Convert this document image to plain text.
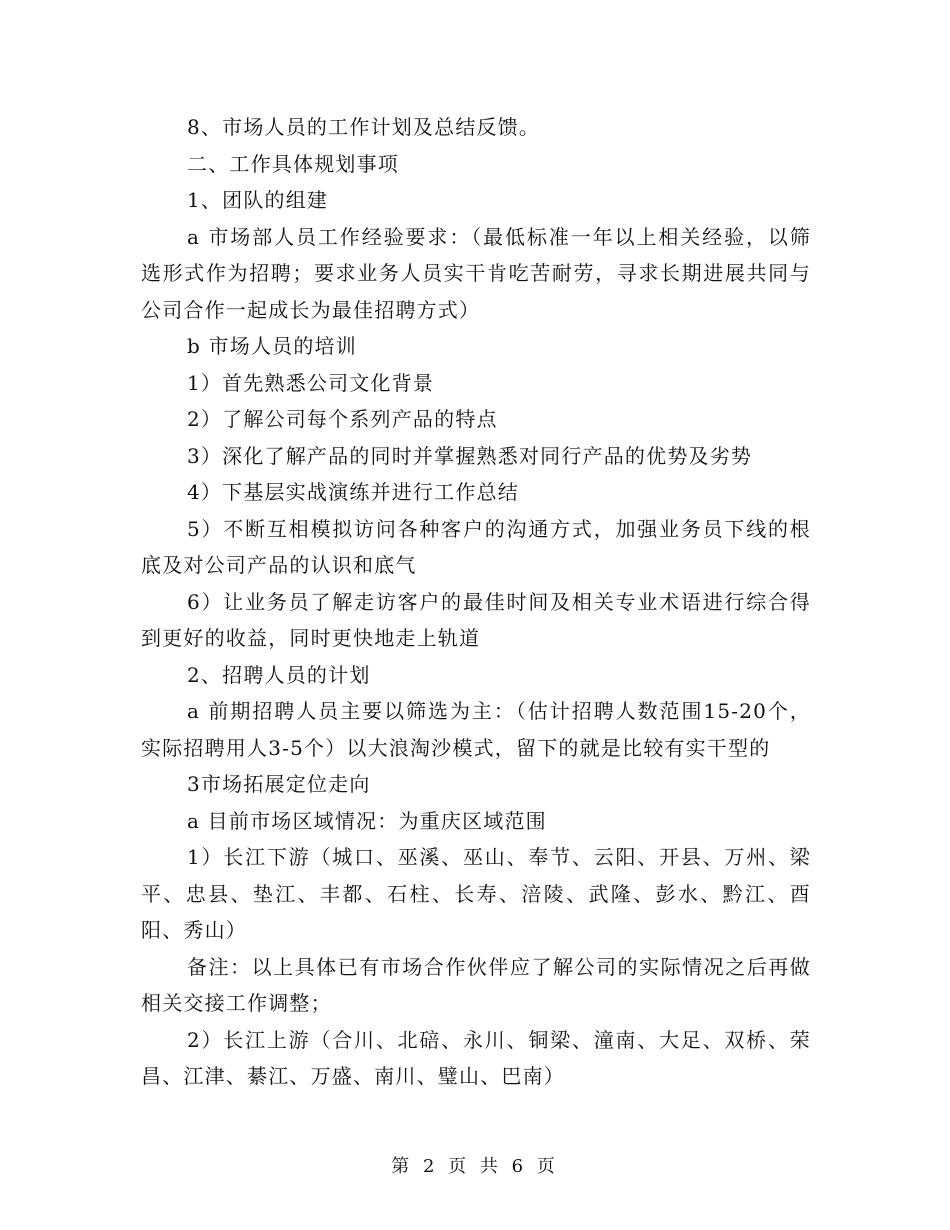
8、市场人员的工作计划及总结反馈。

二、工作具体规划事项

1、团队的组建

a 市场部人员工作经验要求：（最低标准一年以上相关经验，以筛选形式作为招聘；要求业务人员实干肯吃苦耐劳，寻求长期进展共同与公司合作一起成长为最佳招聘方式）

b 市场人员的培训

1）首先熟悉公司文化背景

2）了解公司每个系列产品的特点

3）深化了解产品的同时并掌握熟悉对同行产品的优势及劣势

4）下基层实战演练并进行工作总结

5）不断互相模拟访问各种客户的沟通方式，加强业务员下线的根底及对公司产品的认识和底气

6）让业务员了解走访客户的最佳时间及相关专业术语进行综合得到更好的收益，同时更快地走上轨道

2、招聘人员的计划

a 前期招聘人员主要以筛选为主：（估计招聘人数范围15-20个，实际招聘用人3-5个）以大浪淘沙模式，留下的就是比较有实干型的

3市场拓展定位走向

a 目前市场区域情况：为重庆区域范围

1）长江下游（城口、巫溪、巫山、奉节、云阳、开县、万州、梁平、忠县、垫江、丰都、石柱、长寿、涪陵、武隆、彭水、黔江、酉阳、秀山）

备注：以上具体已有市场合作伙伴应了解公司的实际情况之后再做相关交接工作调整；

2）长江上游（合川、北碚、永川、铜梁、潼南、大足、双桥、荣昌、江津、綦江、万盛、南川、璧山、巴南）

第 2 页 共 6 页
